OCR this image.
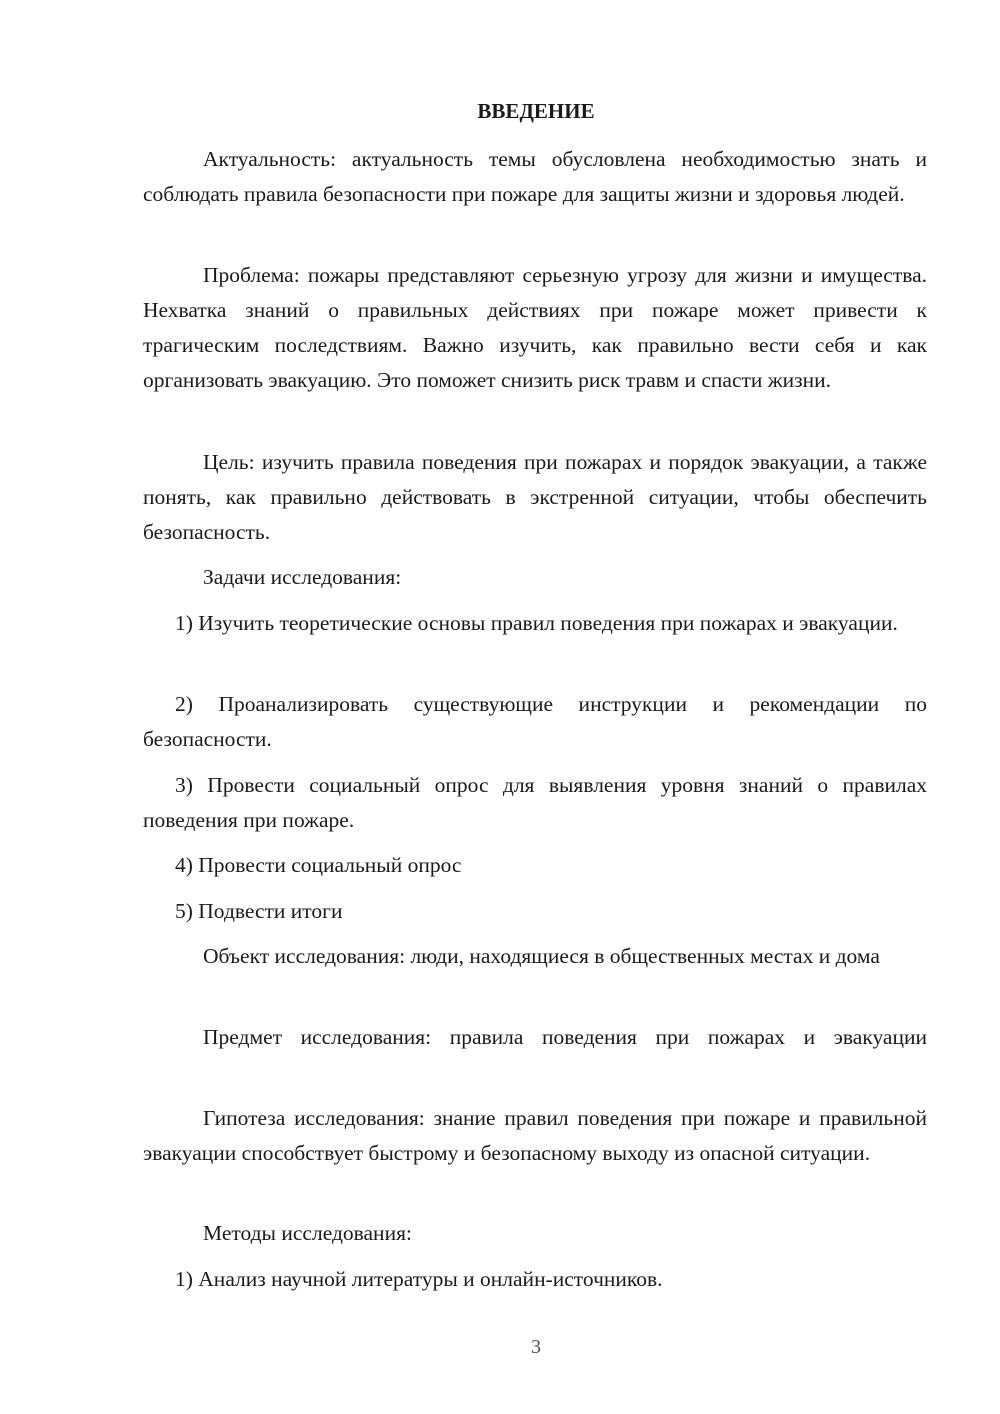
ВВЕДЕНИЕ

Актуальность: актуальность темы обусловлена необходимостью знать и соблюдать правила безопасности при пожаре для защиты жизни и здоровья людей.

Проблема: пожары представляют серьезную угрозу для жизни и имущества. Нехватка знаний о правильных действиях при пожаре может привести к трагическим последствиям. Важно изучить, как правильно вести себя и как организовать эвакуацию. Это поможет снизить риск травм и спасти жизни.

Цель: изучить правила поведения при пожарах и порядок эвакуации, а также понять, как правильно действовать в экстренной ситуации, чтобы обеспечить безопасность.

Задачи исследования:

1) Изучить теоретические основы правил поведения при пожарах и эвакуации.

2) Проанализировать существующие инструкции и рекомендации по безопасности.

3) Провести социальный опрос для выявления уровня знаний о правилах поведения при пожаре.

4) Провести социальный опрос

5) Подвести итоги

Объект исследования: люди, находящиеся в общественных местах и дома

Предмет исследования: правила поведения при пожарах и эвакуации

Гипотеза исследования: знание правил поведения при пожаре и правильной эвакуации способствует быстрому и безопасному выходу из опасной ситуации.

Методы исследования:

1) Анализ научной литературы и онлайн-источников.

3
